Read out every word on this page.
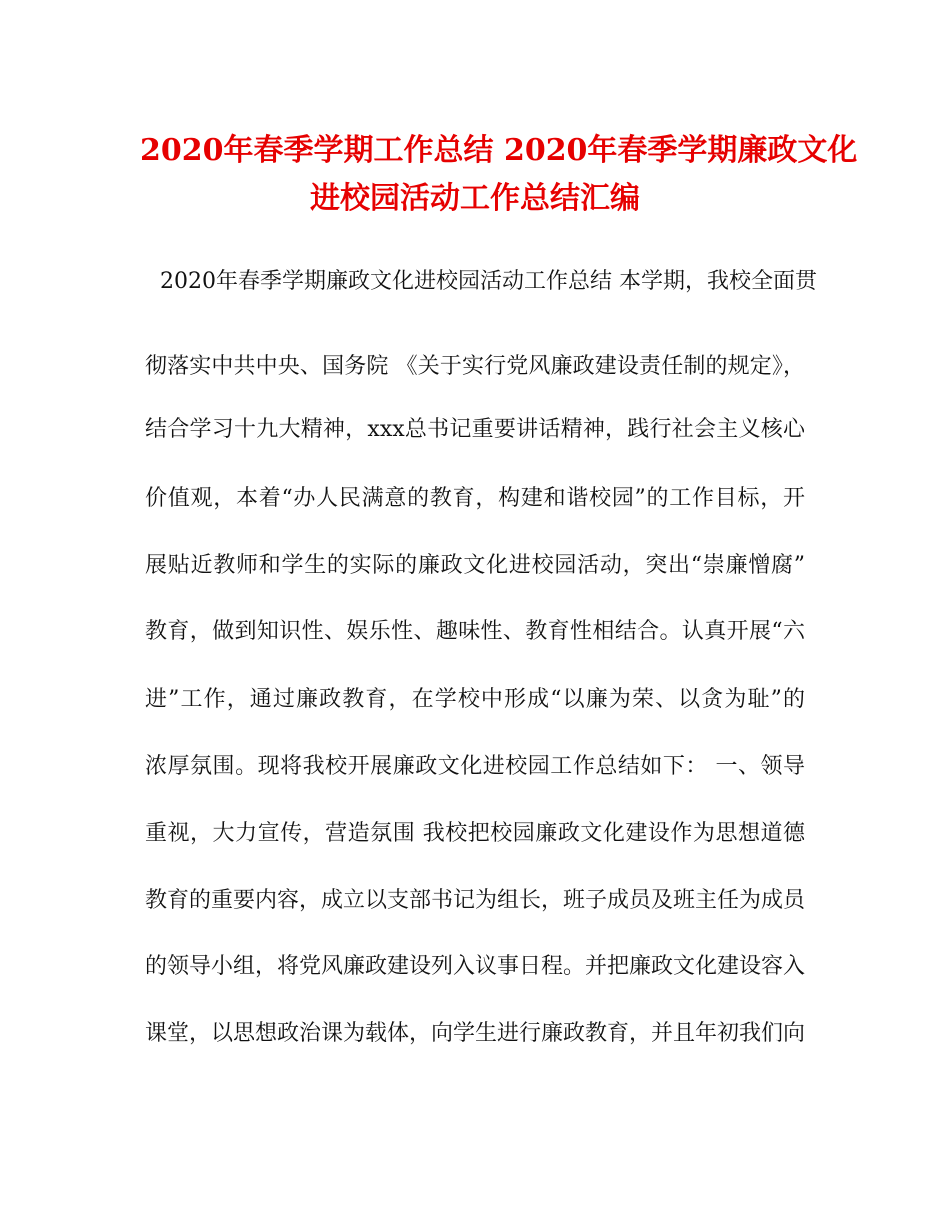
2020年春季学期工作总结 2020年春季学期廉政文化
进校园活动工作总结汇编
2020年春季学期廉政文化进校园活动工作总结 本学期，我校全面贯
彻落实中共中央、国务院 《关于实行党风廉政建设责任制的规定》，
结合学习十九大精神，xxx总书记重要讲话精神，践行社会主义核心
价值观，本着“办人民满意的教育，构建和谐校园”的工作目标，开
展贴近教师和学生的实际的廉政文化进校园活动，突出“崇廉憎腐”
教育，做到知识性、娱乐性、趣味性、教育性相结合。认真开展“六
进”工作，通过廉政教育，在学校中形成“以廉为荣、以贪为耻”的
浓厚氛围。现将我校开展廉政文化进校园工作总结如下： 一、领导
重视，大力宣传，营造氛围 我校把校园廉政文化建设作为思想道德
教育的重要内容，成立以支部书记为组长，班子成员及班主任为成员
的领导小组，将党风廉政建设列入议事日程。并把廉政文化建设容入
课堂，以思想政治课为载体，向学生进行廉政教育，并且年初我们向
